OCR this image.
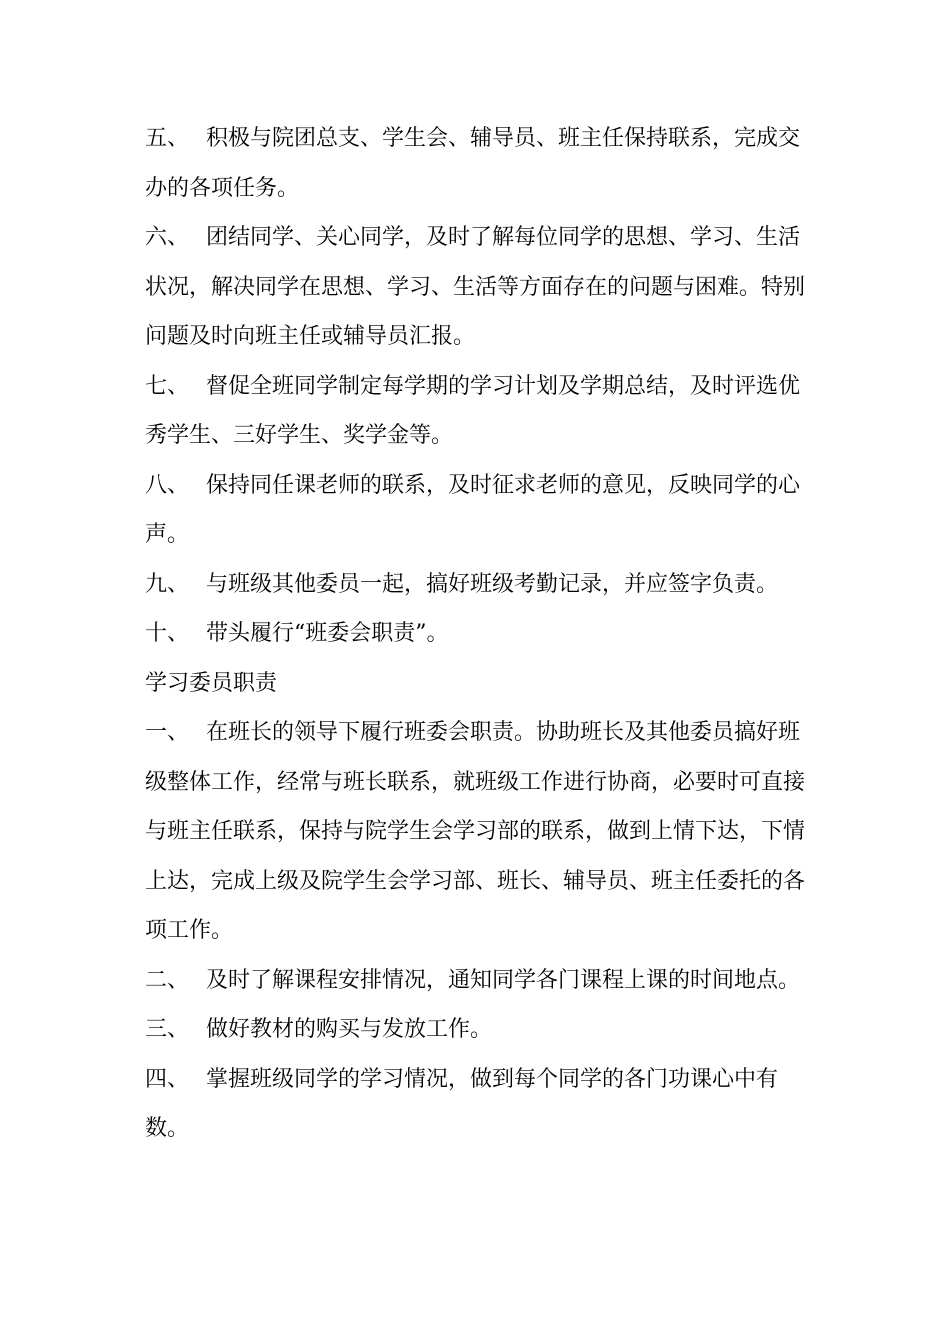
五、 积极与院团总支、学生会、辅导员、班主任保持联系，完成交办的各项任务。

六、 团结同学、关心同学，及时了解每位同学的思想、学习、生活状况，解决同学在思想、学习、生活等方面存在的问题与困难。特别问题及时向班主任或辅导员汇报。

七、 督促全班同学制定每学期的学习计划及学期总结，及时评选优秀学生、三好学生、奖学金等。

八、 保持同任课老师的联系，及时征求老师的意见，反映同学的心声。

九、 与班级其他委员一起，搞好班级考勤记录，并应签字负责。

十、 带头履行“班委会职责”。

学习委员职责

一、 在班长的领导下履行班委会职责。协助班长及其他委员搞好班级整体工作，经常与班长联系，就班级工作进行协商，必要时可直接与班主任联系，保持与院学生会学习部的联系，做到上情下达，下情上达，完成上级及院学生会学习部、班长、辅导员、班主任委托的各项工作。

二、 及时了解课程安排情况，通知同学各门课程上课的时间地点。

三、 做好教材的购买与发放工作。

四、 掌握班级同学的学习情况，做到每个同学的各门功课心中有数。
